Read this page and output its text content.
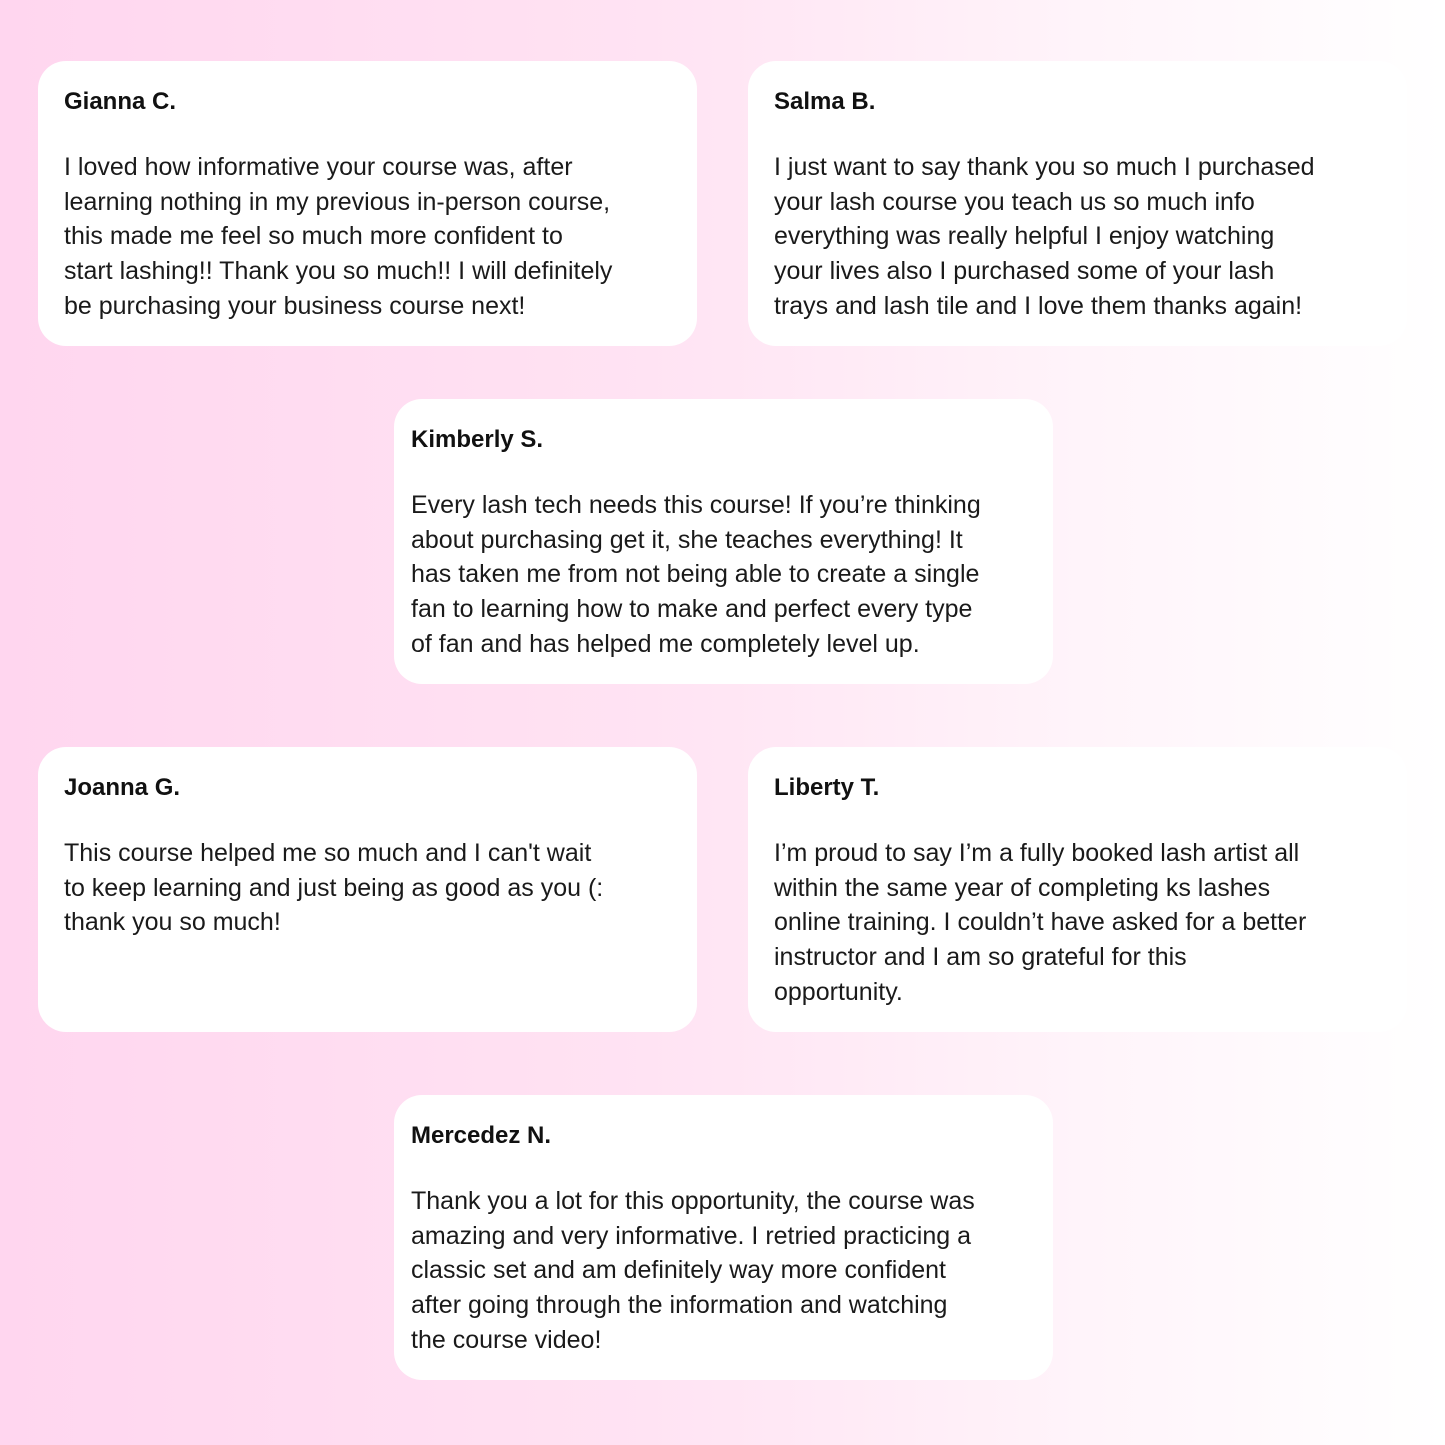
Gianna C.
I loved how informative your course was, after
learning nothing in my previous in-person course,
this made me feel so much more confident to
start lashing!! Thank you so much!! I will definitely
be purchasing your business course next!
Salma B.
I just want to say thank you so much I purchased
your lash course you teach us so much info
everything was really helpful I enjoy watching
your lives also I purchased some of your lash
trays and lash tile and I love them thanks again!
Kimberly S.
Every lash tech needs this course! If you’re thinking
about purchasing get it, she teaches everything! It
has taken me from not being able to create a single
fan to learning how to make and perfect every type
of fan and has helped me completely level up.
Joanna G.
This course helped me so much and I can't wait
to keep learning and just being as good as you (:
thank you so much!
Liberty T.
I’m proud to say I’m a fully booked lash artist all
within the same year of completing ks lashes
online training. I couldn’t have asked for a better
instructor and I am so grateful for this
opportunity.
Mercedez N.
Thank you a lot for this opportunity, the course was
amazing and very informative. I retried practicing a
classic set and am definitely way more confident
after going through the information and watching
the course video!
